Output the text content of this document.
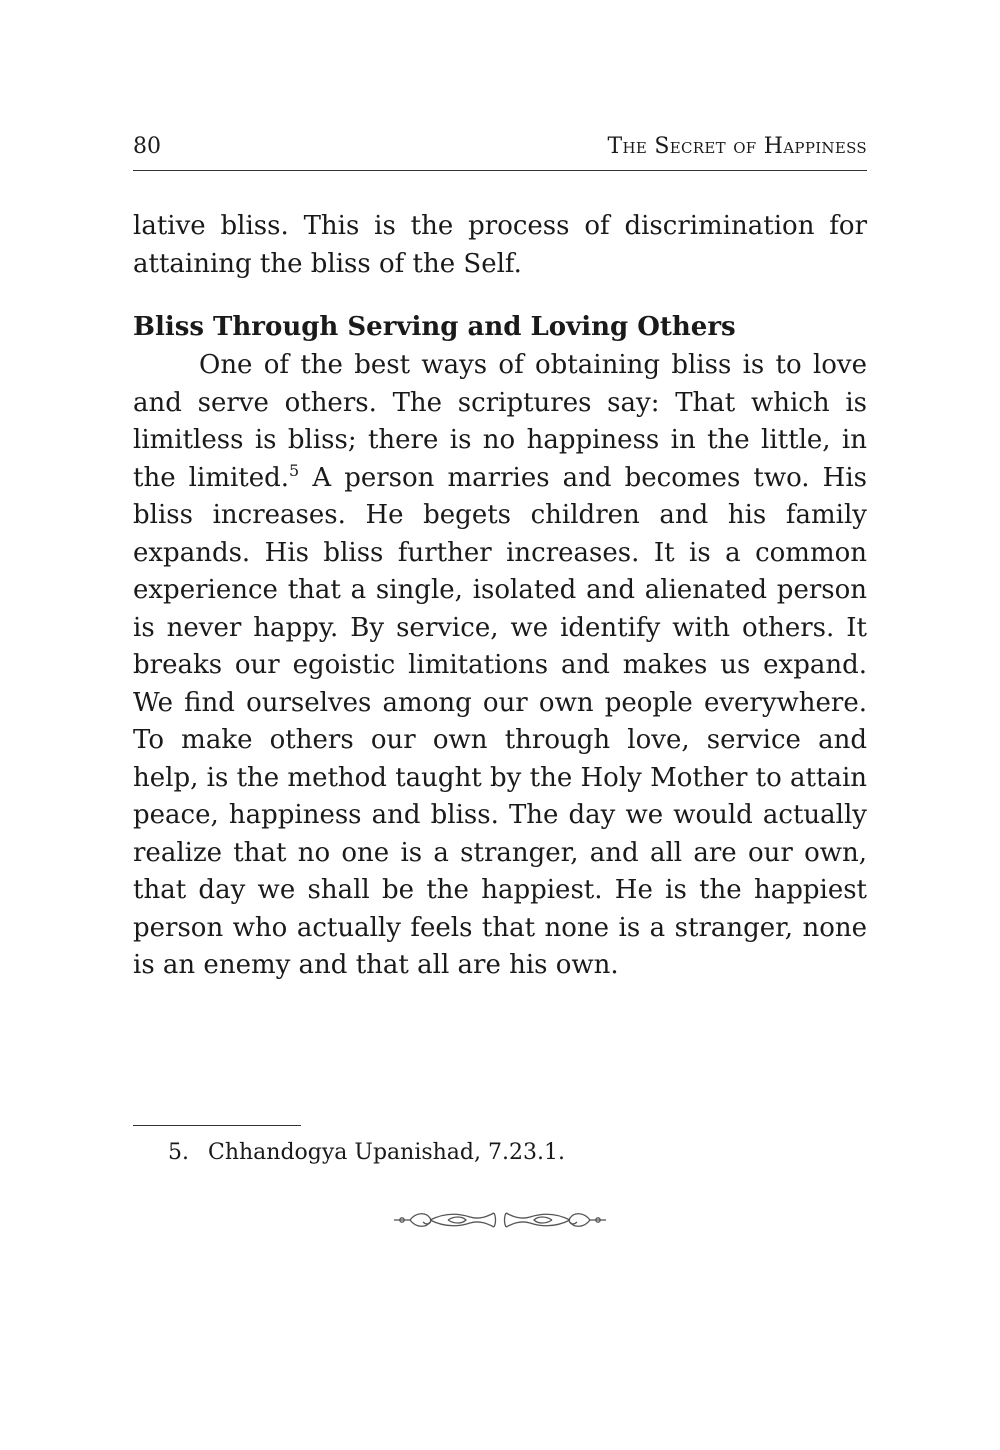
80	The Secret of Happiness

lative bliss. This is the process of discrimination for attaining the bliss of the Self.

Bliss Through Serving and Loving Others

One of the best ways of obtaining bliss is to love and serve others. The scriptures say: That which is limitless is bliss; there is no happiness in the little, in the limited.$^5$ A person marries and becomes two. His bliss increases. He begets children and his family expands. His bliss further increases. It is a common experience that a single, isolated and alienated person is never happy. By service, we identify with others. It breaks our egoistic limitations and makes us expand. We find ourselves among our own people everywhere. To make others our own through love, service and help, is the method taught by the Holy Mother to attain peace, happiness and bliss. The day we would actually realize that no one is a stranger, and all are our own, that day we shall be the happiest. He is the happiest person who actually feels that none is a stranger, none is an enemy and that all are his own.

5. Chhandogya Upanishad, 7.23.1.
